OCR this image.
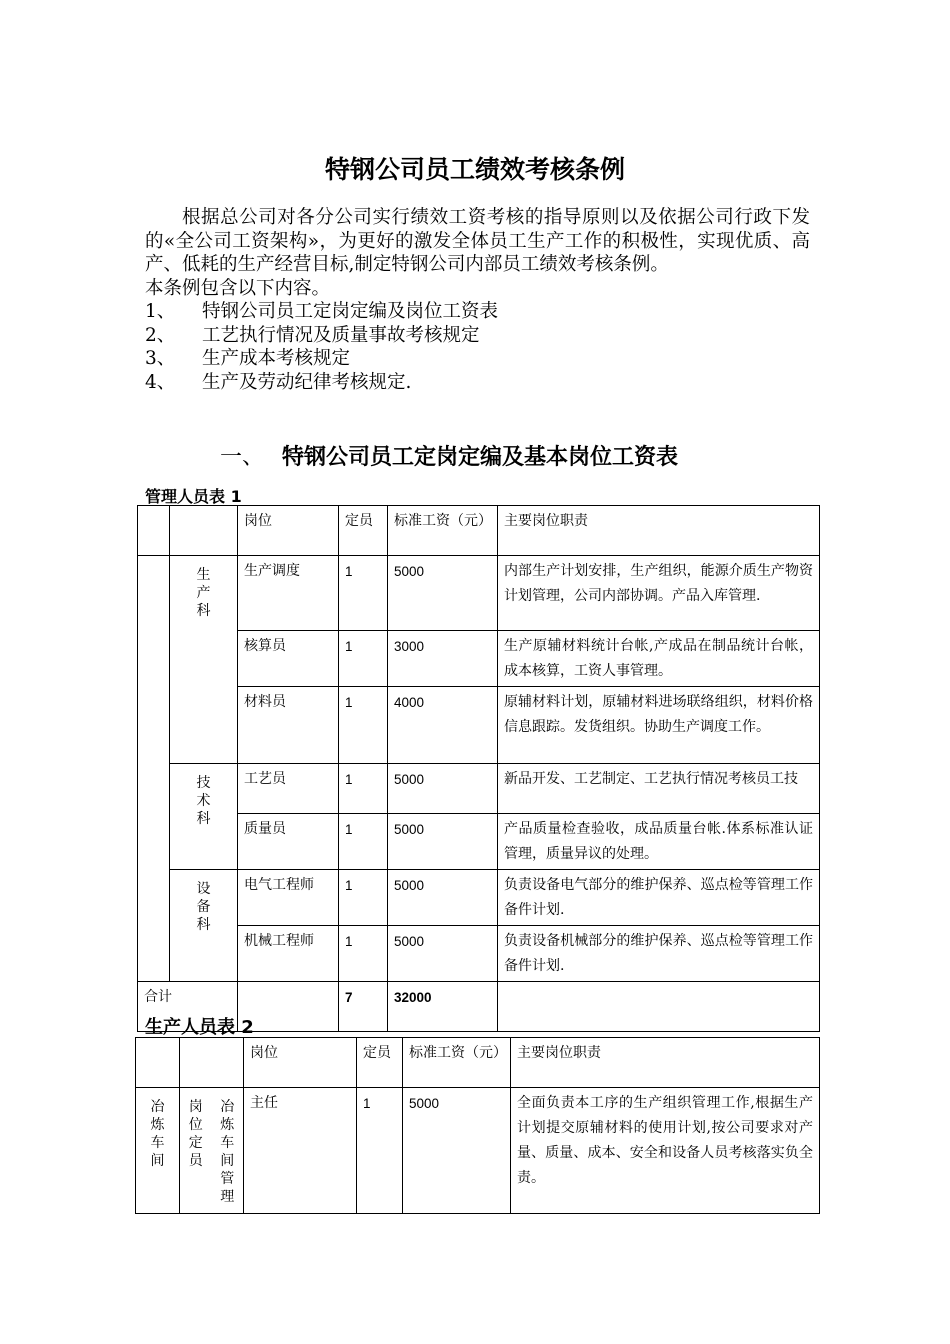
特钢公司员工绩效考核条例

根据总公司对各分公司实行绩效工资考核的指导原则以及依据公司行政下发的«全公司工资架构»，为更好的激发全体员工生产工作的积极性，实现优质、高产、低耗的生产经营目标,制定特钢公司内部员工绩效考核条例。

本条例包含以下内容。

1、	特钢公司员工定岗定编及岗位工资表
2、	工艺执行情况及质量事故考核规定
3、	生产成本考核规定
4、	生产及劳动纪律考核规定.
一、 特钢公司员工定岗定编及基本岗位工资表
管理人员表 1
		岗位	定员	标准工资（元）	主要岗位职责
	生产科	生产调度	1	5000	内部生产计划安排，生产组织，能源介质生产物资计划管理，公司内部协调。产品入库管理.
		核算员	1	3000	生产原辅材料统计台帐,产成品在制品统计台帐，成本核算，工资人事管理。
		材料员	1	4000	原辅材料计划，原辅材料进场联络组织，材料价格信息跟踪。发货组织。协助生产调度工作。
	技术科	工艺员	1	5000	新品开发、工艺制定、工艺执行情况考核员工技
		质量员	1	5000	产品质量检查验收，成品质量台帐.体系标准认证管理，质量异议的处理。
	设备科	电气工程师	1	5000	负责设备电气部分的维护保养、巡点检等管理工作备件计划.
		机械工程师	1	5000	负责设备机械部分的维护保养、巡点检等管理工作备件计划.
合计			7	32000	
生产人员表 2
			岗位	定员	标准工资（元）	主要岗位职责
冶炼车间	岗位定员	冶炼车间管理	主任	1	5000	全面负责本工序的生产组织管理工作,根据生产计划提交原辅材料的使用计划,按公司要求对产量、质量、成本、安全和设备人员考核落实负全责。
